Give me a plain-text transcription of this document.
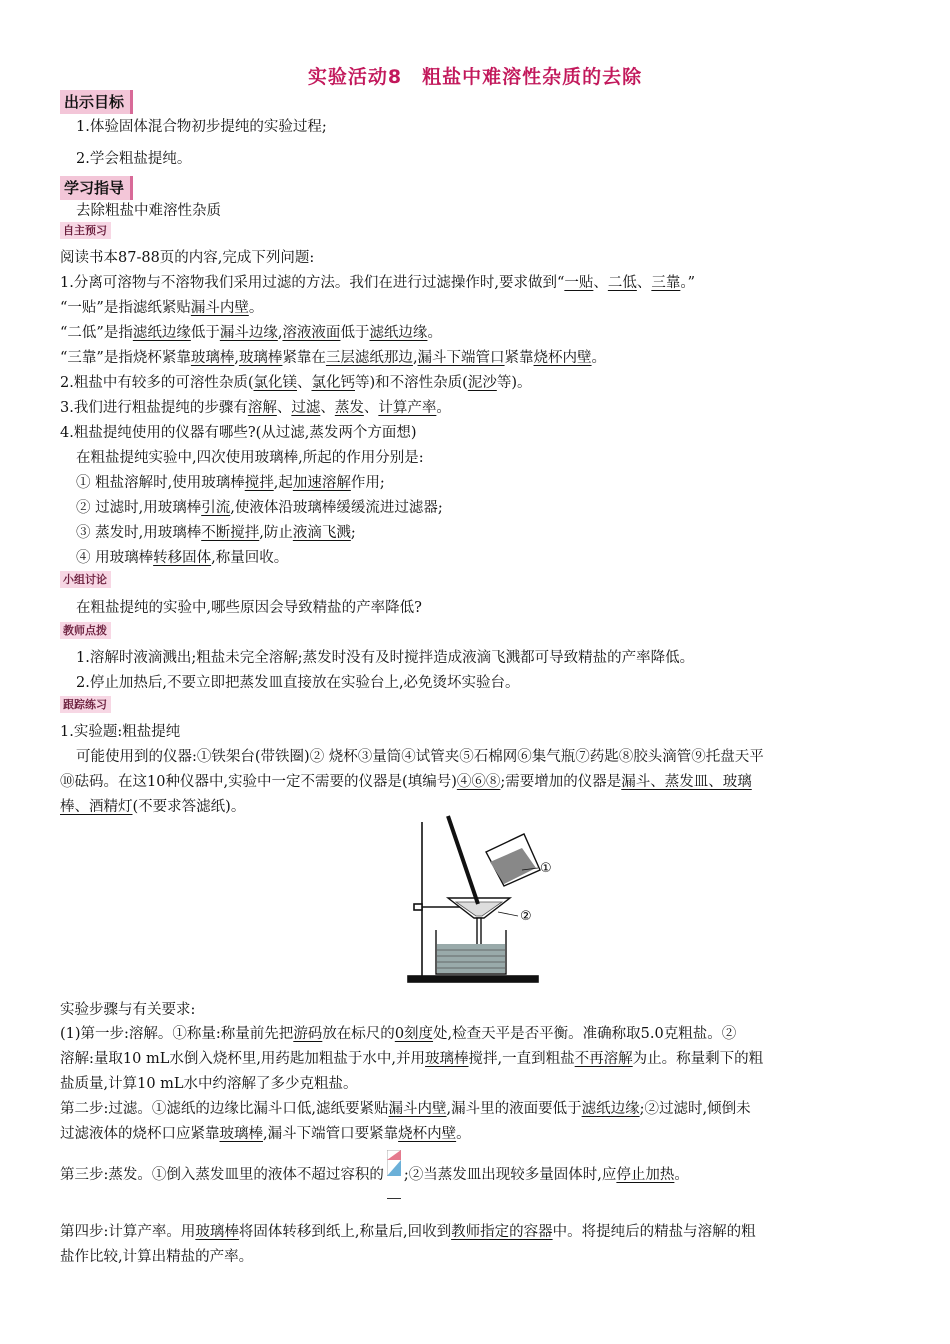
实验活动8　粗盐中难溶性杂质的去除
出示目标
1.体验固体混合物初步提纯的实验过程;
2.学会粗盐提纯。
学习指导
去除粗盐中难溶性杂质
自主预习
阅读书本87-88页的内容,完成下列问题:
1.分离可溶物与不溶物我们采用过滤的方法。我们在进行过滤操作时,要求做到“一贴、二低、三靠。”
“一贴”是指滤纸紧贴漏斗内壁。
“二低”是指滤纸边缘低于漏斗边缘,溶液液面低于滤纸边缘。
“三靠”是指烧杯紧靠玻璃棒,玻璃棒紧靠在三层滤纸那边,漏斗下端管口紧靠烧杯内壁。
2.粗盐中有较多的可溶性杂质(氯化镁、氯化钙等)和不溶性杂质(泥沙等)。
3.我们进行粗盐提纯的步骤有溶解、过滤、蒸发、计算产率。
4.粗盐提纯使用的仪器有哪些?(从过滤,蒸发两个方面想)
在粗盐提纯实验中,四次使用玻璃棒,所起的作用分别是:
① 粗盐溶解时,使用玻璃棒搅拌,起加速溶解作用;
② 过滤时,用玻璃棒引流,使液体沿玻璃棒缓缓流进过滤器;
③ 蒸发时,用玻璃棒不断搅拌,防止液滴飞溅;
④ 用玻璃棒转移固体,称量回收。
小组讨论
在粗盐提纯的实验中,哪些原因会导致精盐的产率降低?
教师点拨
1.溶解时液滴溅出;粗盐未完全溶解;蒸发时没有及时搅拌造成液滴飞溅都可导致精盐的产率降低。
2.停止加热后,不要立即把蒸发皿直接放在实验台上,必免烫坏实验台。
跟踪练习
1.实验题:粗盐提纯
可能使用到的仪器:①铁架台(带铁圈)② 烧杯③量筒④试管夹⑤石棉网⑥集气瓶⑦药匙⑧胶头滴管⑨托盘天平
⑩砝码。在这10种仪器中,实验中一定不需要的仪器是(填编号)④⑥⑧;需要增加的仪器是漏斗、蒸发皿、玻璃
棒、酒精灯(不要求答滤纸)。
①
②
实验步骤与有关要求:
(1)第一步:溶解。①称量:称量前先把游码放在标尺的0刻度处,检查天平是否平衡。准确称取5.0克粗盐。②
溶解:量取10 mL水倒入烧杯里,用药匙加粗盐于水中,并用玻璃棒搅拌,一直到粗盐不再溶解为止。称量剩下的粗
盐质量,计算10 mL水中约溶解了多少克粗盐。
第二步:过滤。①滤纸的边缘比漏斗口低,滤纸要紧贴漏斗内壁,漏斗里的液面要低于滤纸边缘;②过滤时,倾倒未
过滤液体的烧杯口应紧靠玻璃棒,漏斗下端管口要紧靠烧杯内壁。
第三步:蒸发。①倒入蒸发皿里的液体不超过容积的 ;②当蒸发皿出现较多量固体时,应停止加热。
第四步:计算产率。用玻璃棒将固体转移到纸上,称量后,回收到教师指定的容器中。将提纯后的精盐与溶解的粗
盐作比较,计算出精盐的产率。
